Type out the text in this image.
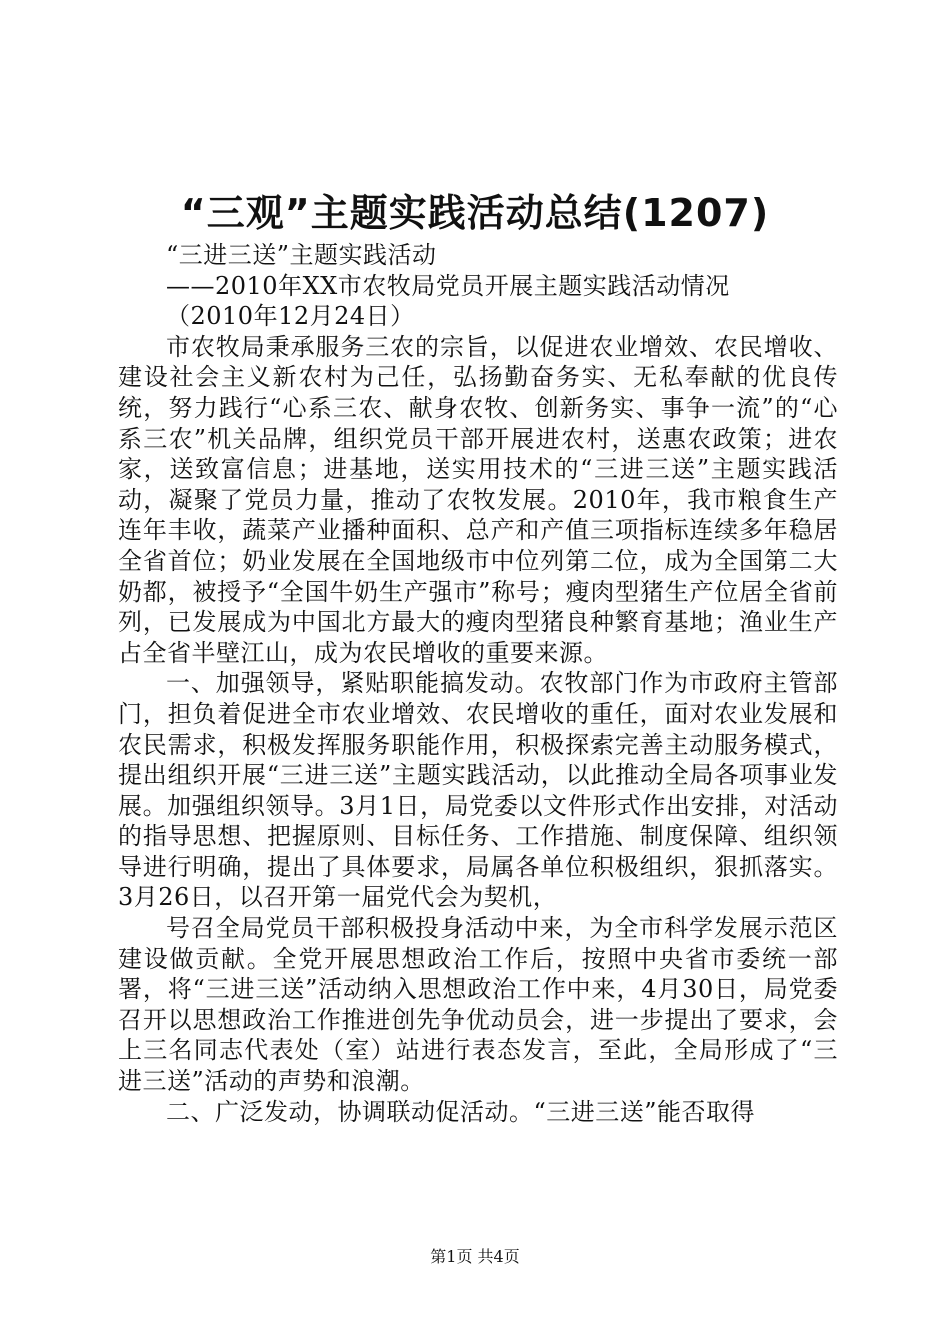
“三观”主题实践活动总结(1207)

“三进三送”主题实践活动

——2010年XX市农牧局党员开展主题实践活动情况

（2010年12月24日）

市农牧局秉承服务三农的宗旨，以促进农业增效、农民增收、建设社会主义新农村为己任，弘扬勤奋务实、无私奉献的优良传统，努力践行“心系三农、献身农牧、创新务实、事争一流”的“心系三农”机关品牌，组织党员干部开展进农村，送惠农政策；进农家，送致富信息；进基地，送实用技术的“三进三送”主题实践活动，凝聚了党员力量，推动了农牧发展。2010年，我市粮食生产连年丰收，蔬菜产业播种面积、总产和产值三项指标连续多年稳居全省首位；奶业发展在全国地级市中位列第二位，成为全国第二大奶都，被授予“全国牛奶生产强市”称号；瘦肉型猪生产位居全省前列，已发展成为中国北方最大的瘦肉型猪良种繁育基地；渔业生产占全省半壁江山，成为农民增收的重要来源。

一、加强领导，紧贴职能搞发动。农牧部门作为市政府主管部门，担负着促进全市农业增效、农民增收的重任，面对农业发展和农民需求，积极发挥服务职能作用，积极探索完善主动服务模式，提出组织开展“三进三送”主题实践活动，以此推动全局各项事业发展。加强组织领导。3月1日，局党委以文件形式作出安排，对活动的指导思想、把握原则、目标任务、工作措施、制度保障、组织领导进行明确，提出了具体要求，局属各单位积极组织，狠抓落实。3月26日，以召开第一届党代会为契机，

号召全局党员干部积极投身活动中来，为全市科学发展示范区建设做贡献。全党开展思想政治工作后，按照中央省市委统一部署，将“三进三送”活动纳入思想政治工作中来，4月30日，局党委召开以思想政治工作推进创先争优动员会，进一步提出了要求，会上三名同志代表处（室）站进行表态发言，至此，全局形成了“三进三送”活动的声势和浪潮。

二、广泛发动，协调联动促活动。“三进三送”能否取得

第1页 共4页
